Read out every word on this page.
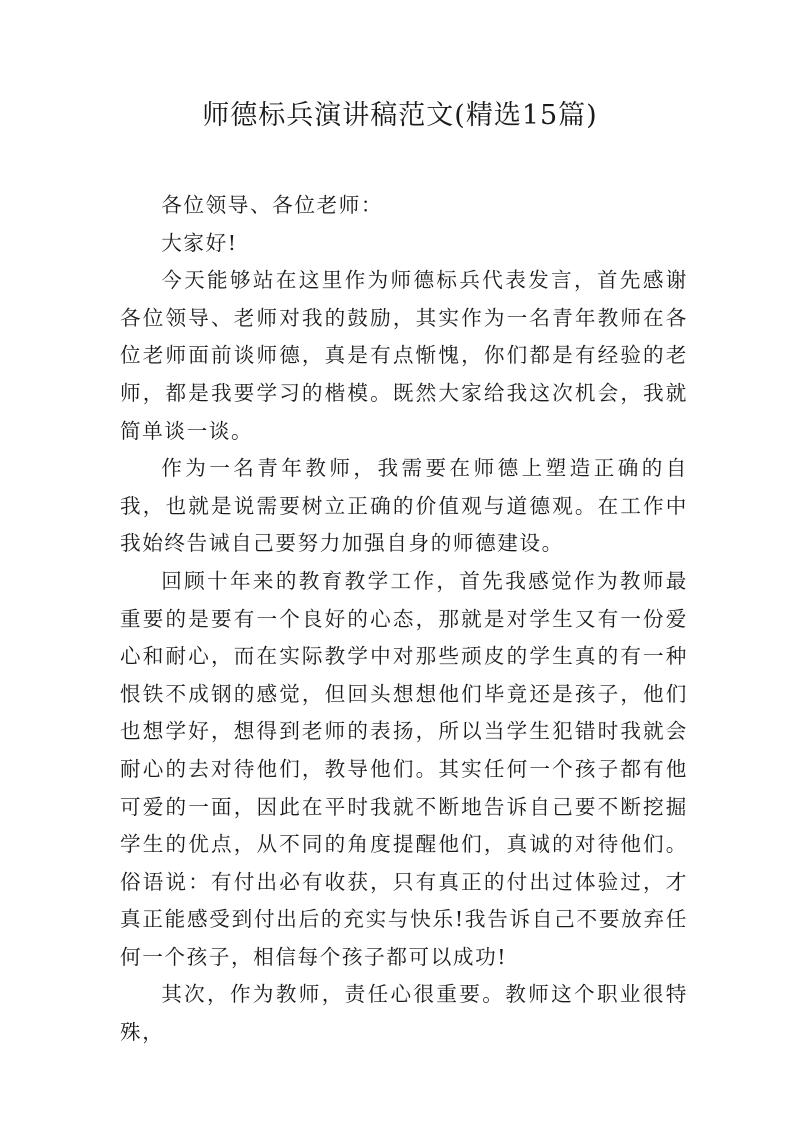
师德标兵演讲稿范文(精选15篇)

各位领导、各位老师：

大家好!

今天能够站在这里作为师德标兵代表发言，首先感谢各位领导、老师对我的鼓励，其实作为一名青年教师在各位老师面前谈师德，真是有点惭愧，你们都是有经验的老师，都是我要学习的楷模。既然大家给我这次机会，我就简单谈一谈。

作为一名青年教师，我需要在师德上塑造正确的自我，也就是说需要树立正确的价值观与道德观。在工作中我始终告诫自己要努力加强自身的师德建设。

回顾十年来的教育教学工作，首先我感觉作为教师最重要的是要有一个良好的心态，那就是对学生又有一份爱心和耐心，而在实际教学中对那些顽皮的学生真的有一种恨铁不成钢的感觉，但回头想想他们毕竟还是孩子，他们也想学好，想得到老师的表扬，所以当学生犯错时我就会耐心的去对待他们，教导他们。其实任何一个孩子都有他可爱的一面，因此在平时我就不断地告诉自己要不断挖掘学生的优点，从不同的角度提醒他们，真诚的对待他们。俗语说：有付出必有收获，只有真正的付出过体验过，才真正能感受到付出后的充实与快乐!我告诉自己不要放弃任何一个孩子，相信每个孩子都可以成功!

其次，作为教师，责任心很重要。教师这个职业很特殊，
